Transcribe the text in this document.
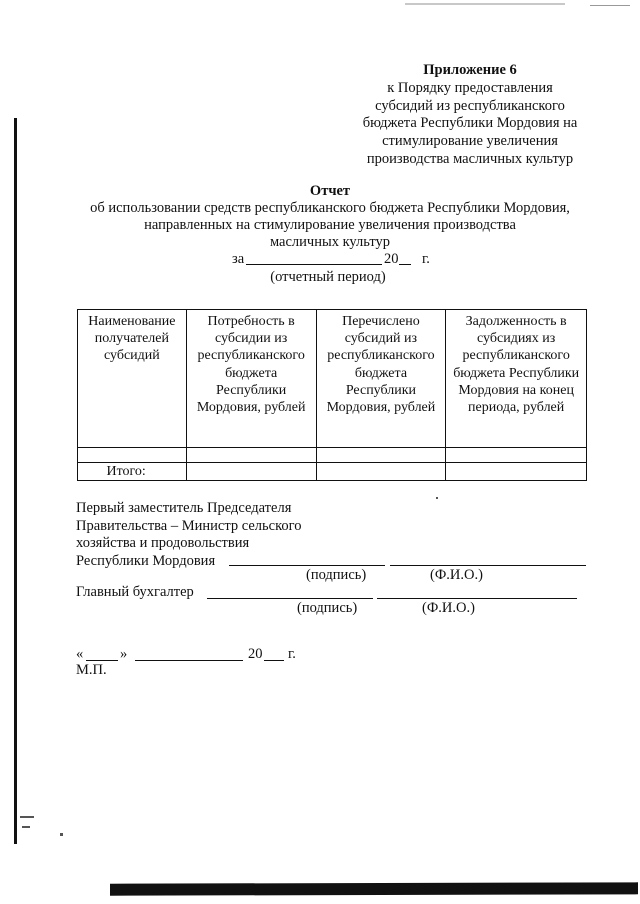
Приложение 6
к Порядку предоставления
субсидий из республиканского
бюджета Республики Мордовия на
стимулирование увеличения
производства масличных культур
Отчет
об использовании средств республиканского бюджета Республики Мордовия,
направленных на стимулирование увеличения производства
масличных культур
за	20 г.
(отчетный период)
Наименование получателей субсидий	Потребность в субсидии из республиканского бюджета Республики Мордовия, рублей	Перечислено субсидий из республиканского бюджета Республики Мордовия, рублей	Задолженность в субсидиях из республиканского бюджета Республики Мордовия на конец периода, рублей

Итого:			
Первый заместитель Председателя
Правительства – Министр сельского
хозяйства и продовольствия
Республики Мордовия
(подпись)	(Ф.И.О.)
Главный бухгалтер
(подпись)	(Ф.И.О.)
«	»	20 г.
М.П.
